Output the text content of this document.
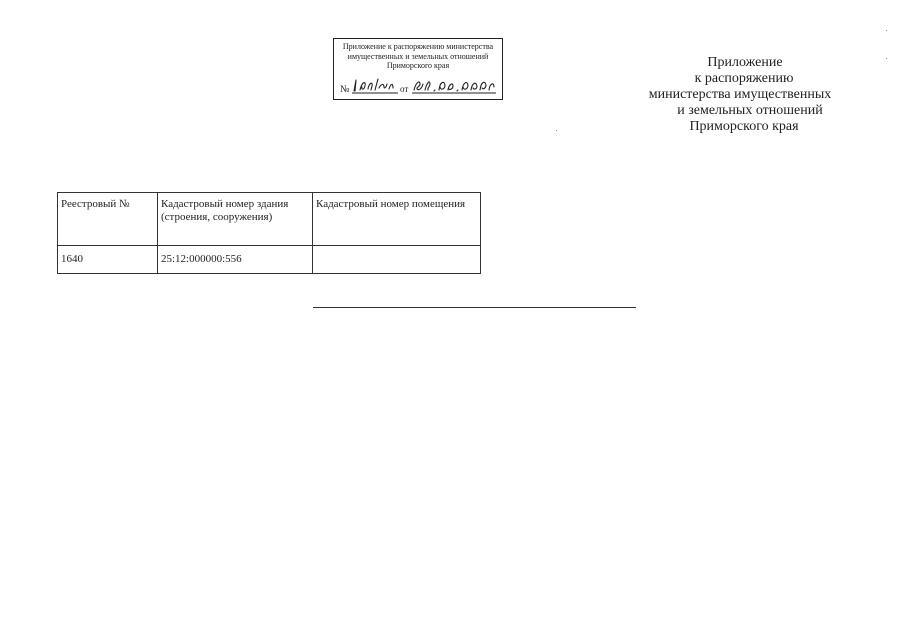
Приложение к распоряжению министерства
имущественных и земельных отношений
Приморского края
№	от
Приложение
к распоряжению
министерства имущественных
и земельных отношений
Приморского края
Реестровый №	Кадастровый номер здания (строения, сооружения)	Кадастровый номер помещения
1640	25:12:000000:556	
